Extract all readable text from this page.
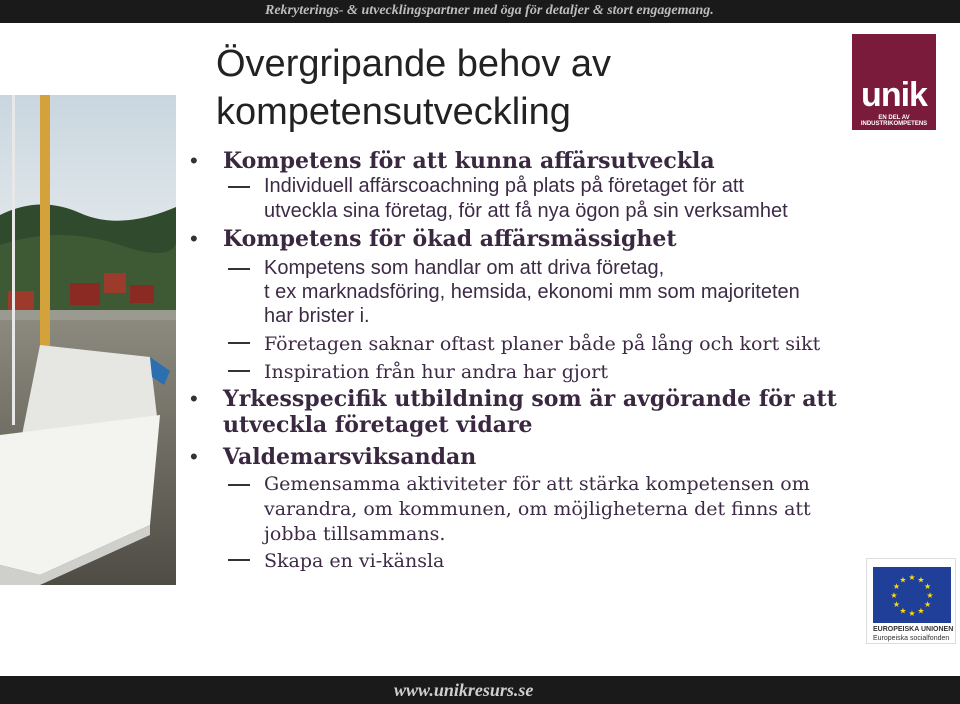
Rekryterings- & utvecklingspartner med öga för detaljer & stort engagemang.
Övergripande behov av
kompetensutveckling
• Kompetens för att kunna affärsutveckla
Individuell affärscoachning på plats på företaget för att
utveckla sina företag, för att få nya ögon på sin verksamhet
• Kompetens för ökad affärsmässighet
Kompetens som handlar om att driva företag,
t ex marknadsföring, hemsida, ekonomi mm som majoriteten
har brister i.
Företagen saknar oftast planer både på lång och kort sikt
Inspiration från hur andra har gjort
• Yrkesspecifik utbildning som är avgörande för att
utveckla företaget vidare
• Valdemarsviksandan
Gemensamma aktiviteter för att stärka kompetensen om
varandra, om kommunen, om möjligheterna det finns att
jobba tillsammans.
Skapa en vi-känsla
unik
EN DEL AV INDUSTRIKOMPETENS
★ ★
★
★
★
★
★
★
★
★
★
★
EUROPEISKA UNIONEN
Europeiska socialfonden
www.unikresurs.se
